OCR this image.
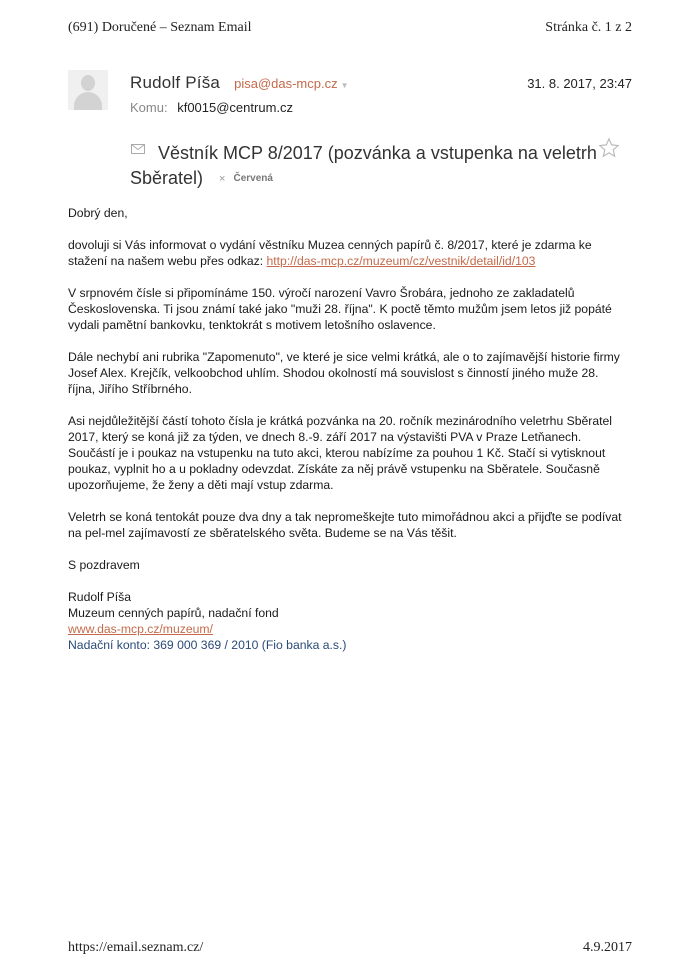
(691) Doručené – Seznam Email	Stránka č. 1 z 2
Rudolf Píša pisa@das-mcp.cz ▼	31. 8. 2017, 23:47
Komu: kf0015@centrum.cz
Věstník MCP 8/2017 (pozvánka a vstupenka na veletrh
Sběratel) × Červená

Dobrý den,

dovoluji si Vás informovat o vydání věstníku Muzea cenných papírů č. 8/2017, které je zdarma ke stažení na našem webu přes odkaz: http://das-mcp.cz/muzeum/cz/vestnik/detail/id/103

V srpnovém čísle si připomínáme 150. výročí narození Vavro Šrobára, jednoho ze zakladatelů Československa. Ti jsou známí také jako "muži 28. října". K poctě těmto mužům jsem letos již popáté vydali pamětní bankovku, tenktokrát s motivem letošního oslavence.

Dále nechybí ani rubrika "Zapomenuto", ve které je sice velmi krátká, ale o to zajímavější historie firmy Josef Alex. Krejčík, velkoobchod uhlím. Shodou okolností má souvislost s činností jiného muže 28. října, Jiřího Stříbrného.

Asi nejdůležitější částí tohoto čísla je krátká pozvánka na 20. ročník mezinárodního veletrhu Sběratel 2017, který se koná již za týden, ve dnech 8.-9. září 2017 na výstavišti PVA v Praze Letňanech. Součástí je i poukaz na vstupenku na tuto akci, kterou nabízíme za pouhou 1 Kč. Stačí si vytisknout poukaz, vyplnit ho a u pokladny odevzdat. Získáte za něj právě vstupenku na Sběratele. Současně upozorňujeme, že ženy a děti mají vstup zdarma.

Veletrh se koná tentokát pouze dva dny a tak nepromeškejte tuto mimořádnou akci a přijďte se podívat na pel-mel zajímavostí ze sběratelského světa. Budeme se na Vás těšit.

S pozdravem

Rudolf Píša

Muzeum cenných papírů, nadační fond

www.das-mcp.cz/muzeum/

Nadační konto: 369 000 369 / 2010 (Fio banka a.s.)

https://email.seznam.cz/	4.9.2017
